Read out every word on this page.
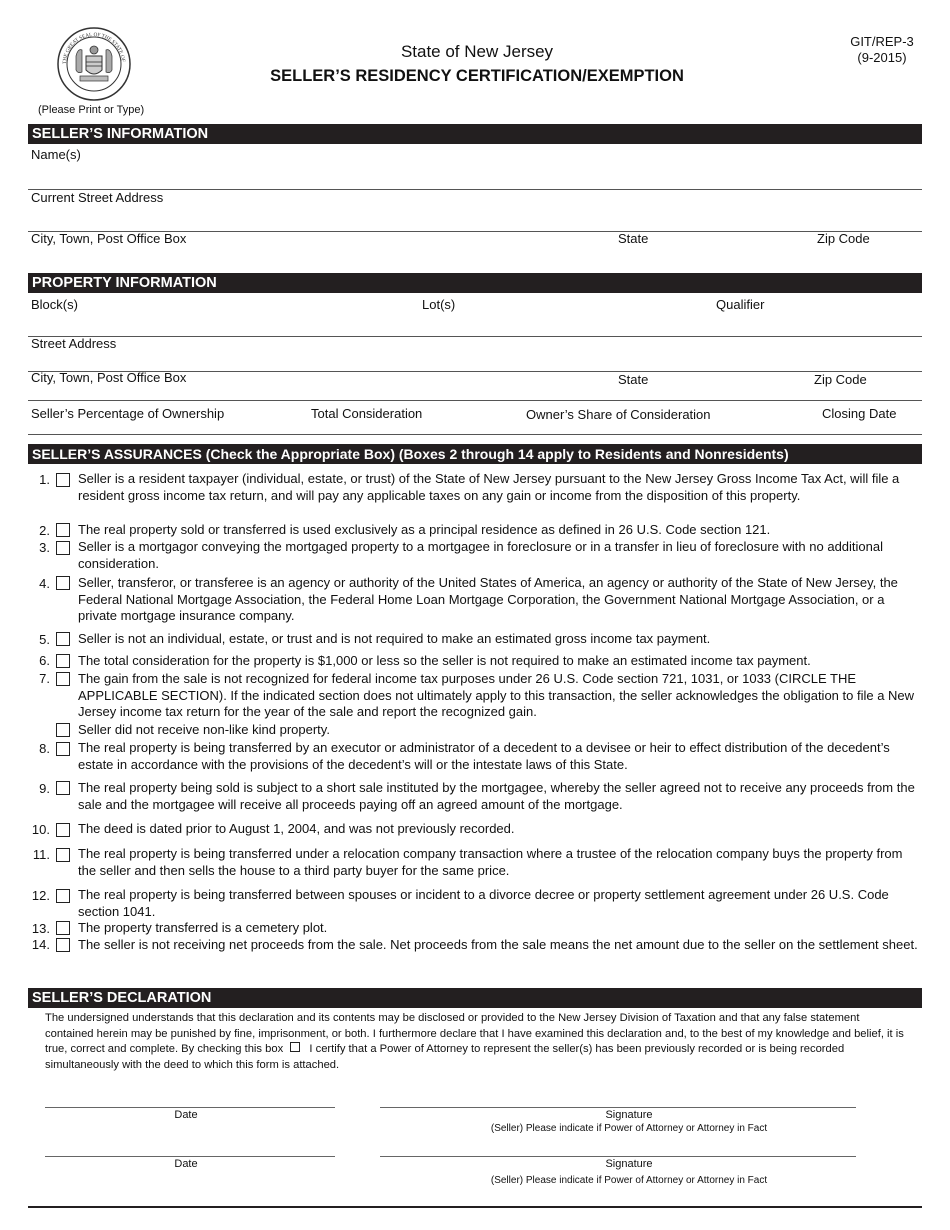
THE GREAT SEAL OF THE STATE OF
(Please Print or Type)
State of New Jersey
SELLER’S RESIDENCY CERTIFICATION/EXEMPTION
GIT/REP-3
(9-2015)
SELLER’S INFORMATION
Name(s)
Current Street Address
City, Town, Post Office Box	State	Zip Code
PROPERTY INFORMATION
Block(s)	Lot(s)	Qualifier
Street Address
City, Town, Post Office Box	State	Zip Code
Seller’s Percentage of Ownership	Total Consideration	Owner’s Share of Consideration	Closing Date
SELLER’S ASSURANCES (Check the Appropriate Box) (Boxes 2 through 14 apply to Residents and Nonresidents)
1. Seller is a resident taxpayer (individual, estate, or trust) of the State of New Jersey pursuant to the New Jersey Gross Income Tax Act, will file a resident gross income tax return, and will pay any applicable taxes on any gain or income from the disposition of this property.
2. The real property sold or transferred is used exclusively as a principal residence as defined in 26 U.S. Code section 121.
3. Seller is a mortgagor conveying the mortgaged property to a mortgagee in foreclosure or in a transfer in lieu of foreclosure with no additional consideration.
4. Seller, transferor, or transferee is an agency or authority of the United States of America, an agency or authority of the State of New Jersey, the Federal National Mortgage Association, the Federal Home Loan Mortgage Corporation, the Government National Mortgage Association, or a private mortgage insurance company.
5. Seller is not an individual, estate, or trust and is not required to make an estimated gross income tax payment.
6. The total consideration for the property is $1,000 or less so the seller is not required to make an estimated income tax payment.
7. The gain from the sale is not recognized for federal income tax purposes under 26 U.S. Code section 721, 1031, or 1033 (CIRCLE THE APPLICABLE SECTION). If the indicated section does not ultimately apply to this transaction, the seller acknowledges the obligation to file a New Jersey income tax return for the year of the sale and report the recognized gain.
Seller did not receive non-like kind property.
8. The real property is being transferred by an executor or administrator of a decedent to a devisee or heir to effect distribution of the decedent’s estate in accordance with the provisions of the decedent’s will or the intestate laws of this State.
9. The real property being sold is subject to a short sale instituted by the mortgagee, whereby the seller agreed not to receive any proceeds from the sale and the mortgagee will receive all proceeds paying off an agreed amount of the mortgage.
10. The deed is dated prior to August 1, 2004, and was not previously recorded.
11. The real property is being transferred under a relocation company transaction where a trustee of the relocation company buys the property from the seller and then sells the house to a third party buyer for the same price.
12. The real property is being transferred between spouses or incident to a divorce decree or property settlement agreement under 26 U.S. Code section 1041.
13. The property transferred is a cemetery plot.
14. The seller is not receiving net proceeds from the sale. Net proceeds from the sale means the net amount due to the seller on the settlement sheet.
SELLER’S DECLARATION
The undersigned understands that this declaration and its contents may be disclosed or provided to the New Jersey Division of Taxation and that any false statement contained herein may be punished by fine, imprisonment, or both. I furthermore declare that I have examined this declaration and, to the best of my knowledge and belief, it is true, correct and complete. By checking this box I certify that a Power of Attorney to represent the seller(s) has been previously recorded or is being recorded simultaneously with the deed to which this form is attached.
Date	Signature
(Seller) Please indicate if Power of Attorney or Attorney in Fact
Date	Signature
(Seller) Please indicate if Power of Attorney or Attorney in Fact
